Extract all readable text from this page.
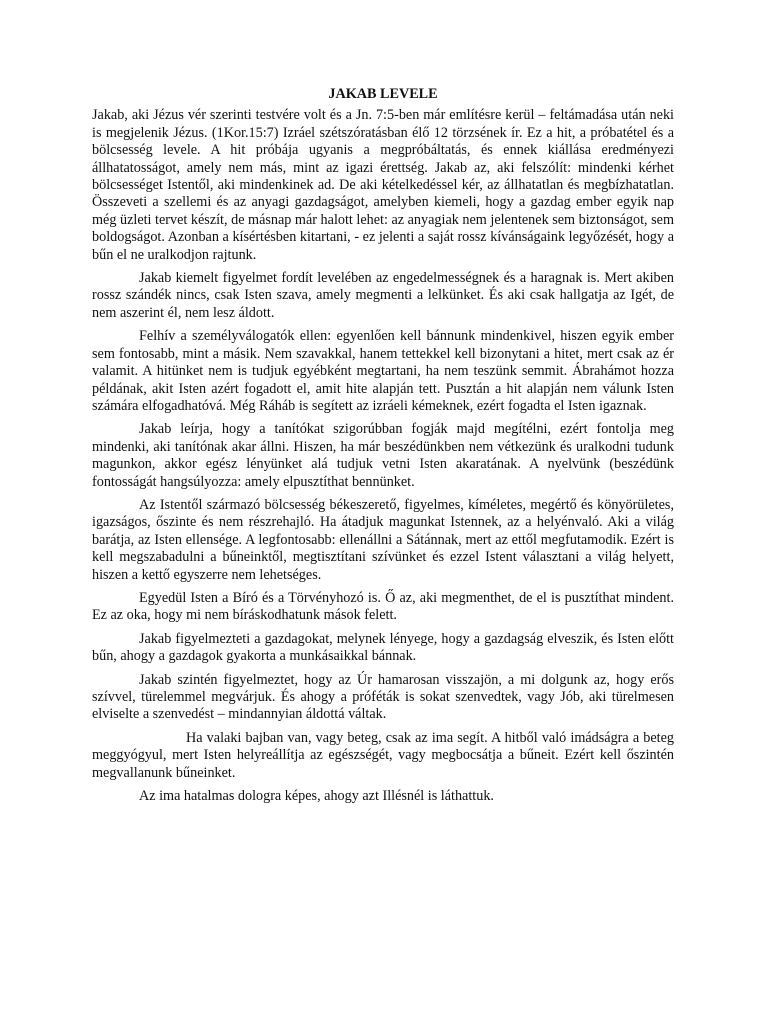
JAKAB LEVELE

Jakab, aki Jézus vér szerinti testvére volt és a Jn. 7:5-ben már említésre kerül – feltámadása után neki is megjelenik Jézus. (1Kor.15:7) Izráel szétszóratásban élő 12 törzsének ír. Ez a hit, a próbatétel és a bölcsesség levele. A hit próbája ugyanis a megpróbáltatás, és ennek kiállása eredményezi állhatatosságot, amely nem más, mint az igazi érettség. Jakab az, aki felszólít: mindenki kérhet bölcsességet Istentől, aki mindenkinek ad. De aki kételkedéssel kér, az állhatatlan és megbízhatatlan. Összeveti a szellemi és az anyagi gazdagságot, amelyben kiemeli, hogy a gazdag ember egyik nap még üzleti tervet készít, de másnap már halott lehet: az anyagiak nem jelentenek sem biztonságot, sem boldogságot. Azonban a kísértésben kitartani, - ez jelenti a saját rossz kívánságaink legyőzését, hogy a bűn el ne uralkodjon rajtunk.

Jakab kiemelt figyelmet fordít levelében az engedelmességnek és a haragnak is. Mert akiben rossz szándék nincs, csak Isten szava, amely megmenti a lelkünket. És aki csak hallgatja az Igét, de nem aszerint él, nem lesz áldott.

Felhív a személyválogatók ellen: egyenlően kell bánnunk mindenkivel, hiszen egyik ember sem fontosabb, mint a másik. Nem szavakkal, hanem tettekkel kell bizonytani a hitet, mert csak az ér valamit. A hitünket nem is tudjuk egyébként megtartani, ha nem teszünk semmit. Ábrahámot hozza példának, akit Isten azért fogadott el, amit hite alapján tett. Pusztán a hit alapján nem válunk Isten számára elfogadhatóvá. Még Ráháb is segített az izráeli kémeknek, ezért fogadta el Isten igaznak.

Jakab leírja, hogy a tanítókat szigorúbban fogják majd megítélni, ezért fontolja meg mindenki, aki tanítónak akar állni. Hiszen, ha már beszédünkben nem vétkezünk és uralkodni tudunk magunkon, akkor egész lényünket alá tudjuk vetni Isten akaratának. A nyelvünk (beszédünk fontosságát hangsúlyozza: amely elpusztíthat bennünket.

Az Istentől származó bölcsesség békeszerető, figyelmes, kíméletes, megértő és könyörületes, igazságos, őszinte és nem részrehajló. Ha átadjuk magunkat Istennek, az a helyénvaló. Aki a világ barátja, az Isten ellensége. A legfontosabb: ellenállni a Sátánnak, mert az ettől megfutamodik. Ezért is kell megszabadulni a bűneinktől, megtisztítani szívünket és ezzel Istent választani a világ helyett, hiszen a kettő egyszerre nem lehetséges.

Egyedül Isten a Bíró és a Törvényhozó is. Ő az, aki megmenthet, de el is pusztíthat mindent. Ez az oka, hogy mi nem bíráskodhatunk mások felett.

Jakab figyelmezteti a gazdagokat, melynek lényege, hogy a gazdagság elveszik, és Isten előtt bűn, ahogy a gazdagok gyakorta a munkásaikkal bánnak.

Jakab szintén figyelmeztet, hogy az Úr hamarosan visszajön, a mi dolgunk az, hogy erős szívvel, türelemmel megvárjuk. És ahogy a próféták is sokat szenvedtek, vagy Jób, aki türelmesen elviselte a szenvedést – mindannyian áldottá váltak.

Ha valaki bajban van, vagy beteg, csak az ima segít. A hitből való imádságra a beteg meggyógyul, mert Isten helyreállítja az egészségét, vagy megbocsátja a bűneit. Ezért kell őszintén megvallanunk bűneinket.

Az ima hatalmas dologra képes, ahogy azt Illésnél is láthattuk.
